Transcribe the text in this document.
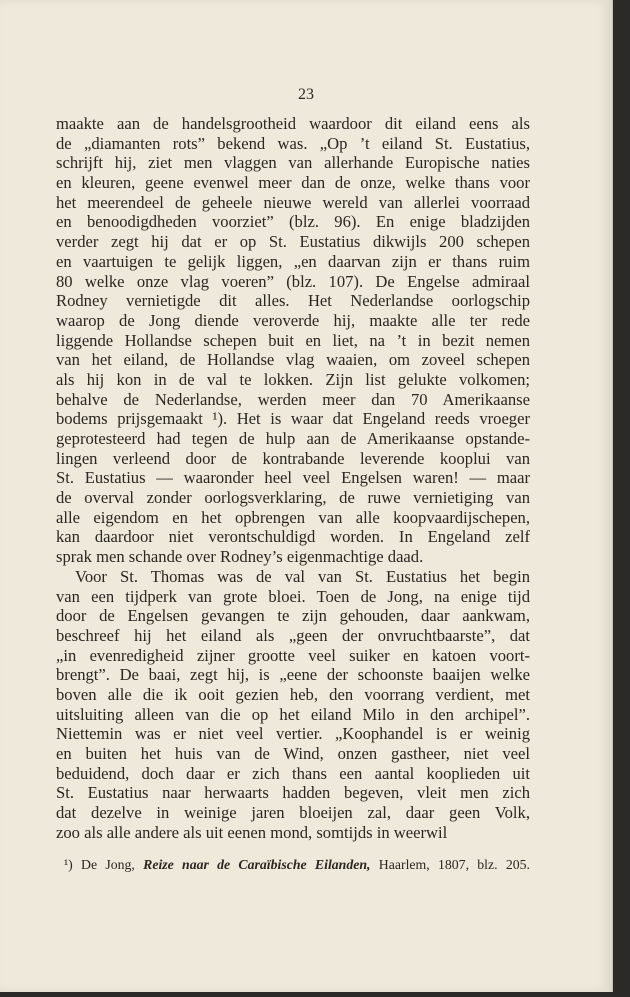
23
maakte aan de handelsgrootheid waardoor dit eiland eens als
de „diamanten rots” bekend was. „Op ’t eiland St. Eustatius,
schrijft hij, ziet men vlaggen van allerhande Europische naties
en kleuren, geene evenwel meer dan de onze, welke thans voor
het meerendeel de geheele nieuwe wereld van allerlei voorraad
en benoodigdheden voorziet” (blz. 96). En enige bladzijden
verder zegt hij dat er op St. Eustatius dikwijls 200 schepen
en vaartuigen te gelijk liggen, „en daarvan zijn er thans ruim
80 welke onze vlag voeren” (blz. 107). De Engelse admiraal
Rodney vernietigde dit alles. Het Nederlandse oorlogschip
waarop de Jong diende veroverde hij, maakte alle ter rede
liggende Hollandse schepen buit en liet, na ’t in bezit nemen
van het eiland, de Hollandse vlag waaien, om zoveel schepen
als hij kon in de val te lokken. Zijn list gelukte volkomen;
behalve de Nederlandse, werden meer dan 70 Amerikaanse
bodems prijsgemaakt ¹). Het is waar dat Engeland reeds vroeger
geprotesteerd had tegen de hulp aan de Amerikaanse opstande-
lingen verleend door de kontrabande leverende kooplui van
St. Eustatius — waaronder heel veel Engelsen waren! — maar
de overval zonder oorlogsverklaring, de ruwe vernietiging van
alle eigendom en het opbrengen van alle koopvaardijschepen,
kan daardoor niet verontschuldigd worden. In Engeland zelf
sprak men schande over Rodney’s eigenmachtige daad.
Voor St. Thomas was de val van St. Eustatius het begin
van een tijdperk van grote bloei. Toen de Jong, na enige tijd
door de Engelsen gevangen te zijn gehouden, daar aankwam,
beschreef hij het eiland als „geen der onvruchtbaarste”, dat
„in evenredigheid zijner grootte veel suiker en katoen voort-
brengt”. De baai, zegt hij, is „eene der schoonste baaijen welke
boven alle die ik ooit gezien heb, den voorrang verdient, met
uitsluiting alleen van die op het eiland Milo in den archipel”.
Niettemin was er niet veel vertier. „Koophandel is er weinig
en buiten het huis van de Wind, onzen gastheer, niet veel
beduidend, doch daar er zich thans een aantal kooplieden uit
St. Eustatius naar herwaarts hadden begeven, vleit men zich
dat dezelve in weinige jaren bloeijen zal, daar geen Volk,
zoo als alle andere als uit eenen mond, somtijds in weerwil
¹) De Jong, Reize naar de Caraïbische Eilanden, Haarlem, 1807, blz. 205.
